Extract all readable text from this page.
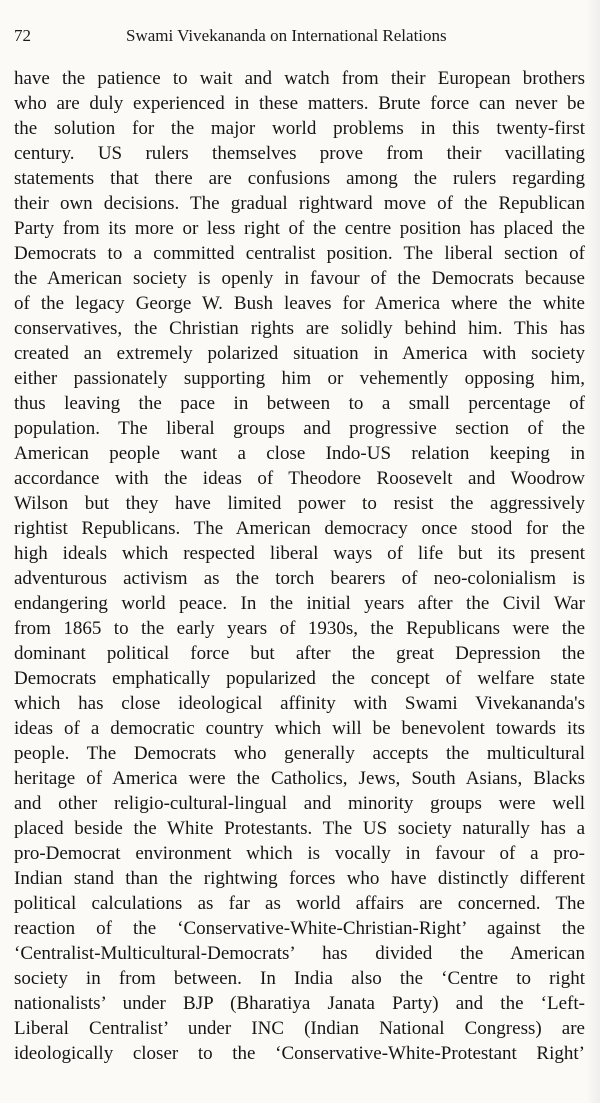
72	Swami Vivekananda on International Relations
have the patience to wait and watch from their European brothers
who are duly experienced in these matters. Brute force can never be
the solution for the major world problems in this twenty-first
century. US rulers themselves prove from their vacillating
statements that there are confusions among the rulers regarding
their own decisions. The gradual rightward move of the Republican
Party from its more or less right of the centre position has placed the
Democrats to a committed centralist position. The liberal section of
the American society is openly in favour of the Democrats because
of the legacy George W. Bush leaves for America where the white
conservatives, the Christian rights are solidly behind him. This has
created an extremely polarized situation in America with society
either passionately supporting him or vehemently opposing him,
thus leaving the pace in between to a small percentage of
population. The liberal groups and progressive section of the
American people want a close Indo-US relation keeping in
accordance with the ideas of Theodore Roosevelt and Woodrow
Wilson but they have limited power to resist the aggressively
rightist Republicans. The American democracy once stood for the
high ideals which respected liberal ways of life but its present
adventurous activism as the torch bearers of neo-colonialism is
endangering world peace. In the initial years after the Civil War
from 1865 to the early years of 1930s, the Republicans were the
dominant political force but after the great Depression the
Democrats emphatically popularized the concept of welfare state
which has close ideological affinity with Swami Vivekananda's
ideas of a democratic country which will be benevolent towards its
people. The Democrats who generally accepts the multicultural
heritage of America were the Catholics, Jews, South Asians, Blacks
and other religio-cultural-lingual and minority groups were well
placed beside the White Protestants. The US society naturally has a
pro-Democrat environment which is vocally in favour of a pro-
Indian stand than the rightwing forces who have distinctly different
political calculations as far as world affairs are concerned. The
reaction of the ‘Conservative-White-Christian-Right’ against the
‘Centralist-Multicultural-Democrats’ has divided the American
society in from between. In India also the ‘Centre to right
nationalists’ under BJP (Bharatiya Janata Party) and the ‘Left-
Liberal Centralist’ under INC (Indian National Congress) are
ideologically closer to the ‘Conservative-White-Protestant Right’
